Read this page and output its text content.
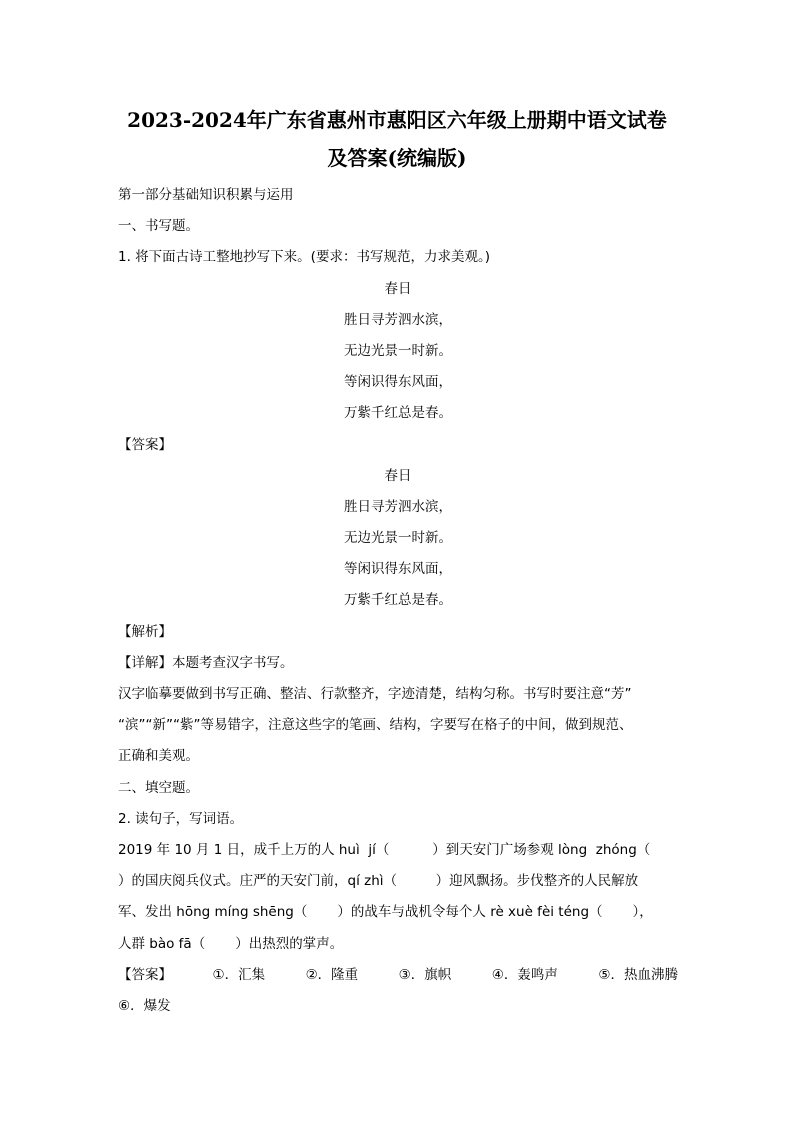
2023-2024年广东省惠州市惠阳区六年级上册期中语文试卷
及答案(统编版)
第一部分基础知识积累与运用
一、书写题。
1. 将下面古诗工整地抄写下来。(要求：书写规范，力求美观。)
春日
胜日寻芳泗水滨，
无边光景一时新。
等闲识得东风面，
万紫千红总是春。
【答案】
春日
胜日寻芳泗水滨，
无边光景一时新。
等闲识得东风面，
万紫千红总是春。
【解析】
【详解】本题考查汉字书写。
汉字临摹要做到书写正确、整洁、行款整齐，字迹清楚，结构匀称。书写时要注意“芳”
“滨”“新”“紫”等易错字，注意这些字的笔画、结构，字要写在格子的中间，做到规范、
正确和美观。
二、填空题。
2. 读句子，写词语。
2019 年 10 月 1 日，成千上万的人 huì  jí（          ）到天安门广场参观 lòng  zhóng（
）的国庆阅兵仪式。庄严的天安门前，qí zhì（         ）迎风飘扬。步伐整齐的人民解放
军、发出 hōng míng shēng（       ）的战车与战机令每个人 rè xuè fèi téng（       ），
人群 bào fā（       ）出热烈的掌声。
【答案】	①．汇集	②．隆重	③．旗帜	④．轰鸣声	⑤．热血沸腾
⑥．爆发
